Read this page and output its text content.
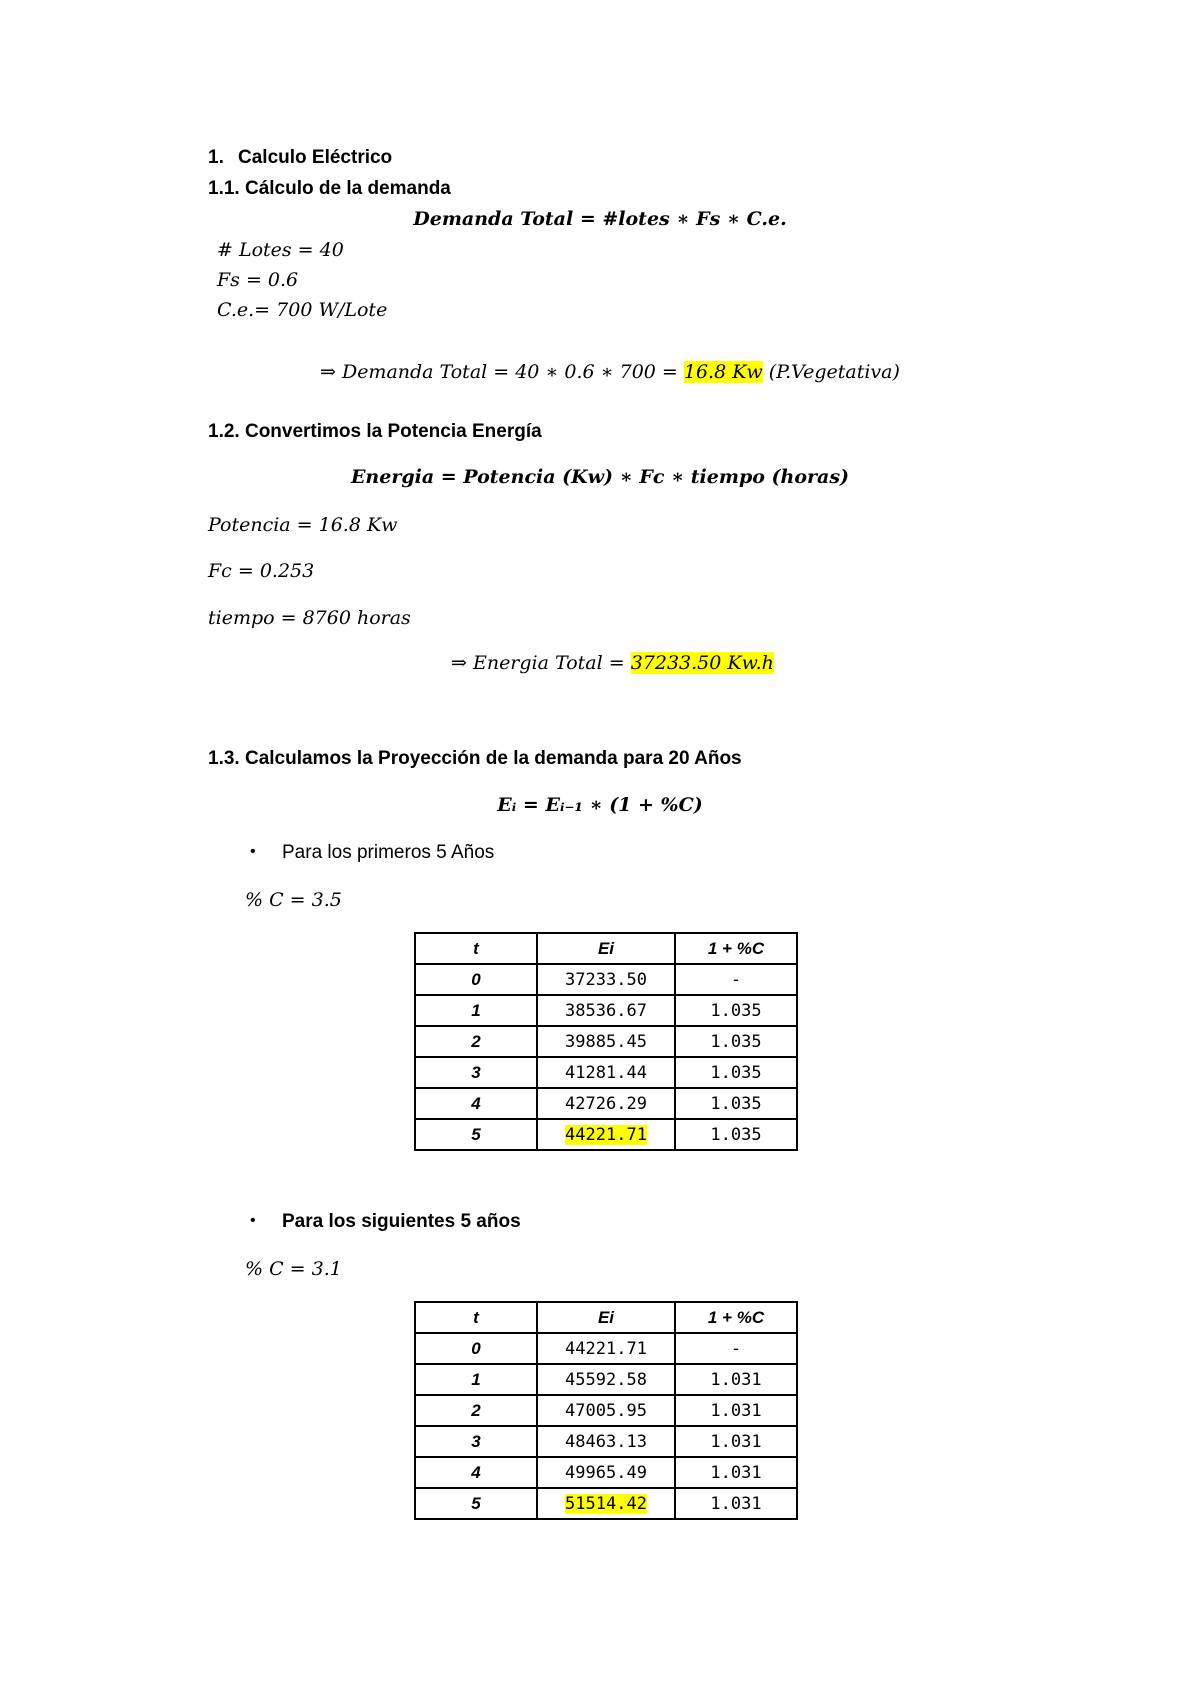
1. Calculo Eléctrico
1.1. Cálculo de la demanda
Demanda Total = #lotes ∗ Fs ∗ C.e.
# Lotes = 40
Fs = 0.6
C.e.= 700 W/Lote
⇒ Demanda Total = 40 ∗ 0.6 ∗ 700 = 16.8 Kw (P.Vegetativa)
1.2. Convertimos la Potencia Energía
Energia = Potencia (Kw) ∗ Fc ∗ tiempo (horas)
Potencia = 16.8 Kw
Fc = 0.253
tiempo = 8760 horas
⇒ Energia Total = 37233.50 Kw.h
1.3. Calculamos la Proyección de la demanda para 20 Años
Eᵢ = Eᵢ₋₁ ∗ (1 + %C)
• Para los primeros 5 Años
% C = 3.5
t	Ei	1 + %C
0	37233.50	-
1	38536.67	1.035
2	39885.45	1.035
3	41281.44	1.035
4	42726.29	1.035
5	44221.71	1.035
• Para los siguientes 5 años
% C = 3.1
t	Ei	1 + %C
0	44221.71	-
1	45592.58	1.031
2	47005.95	1.031
3	48463.13	1.031
4	49965.49	1.031
5	51514.42	1.031
